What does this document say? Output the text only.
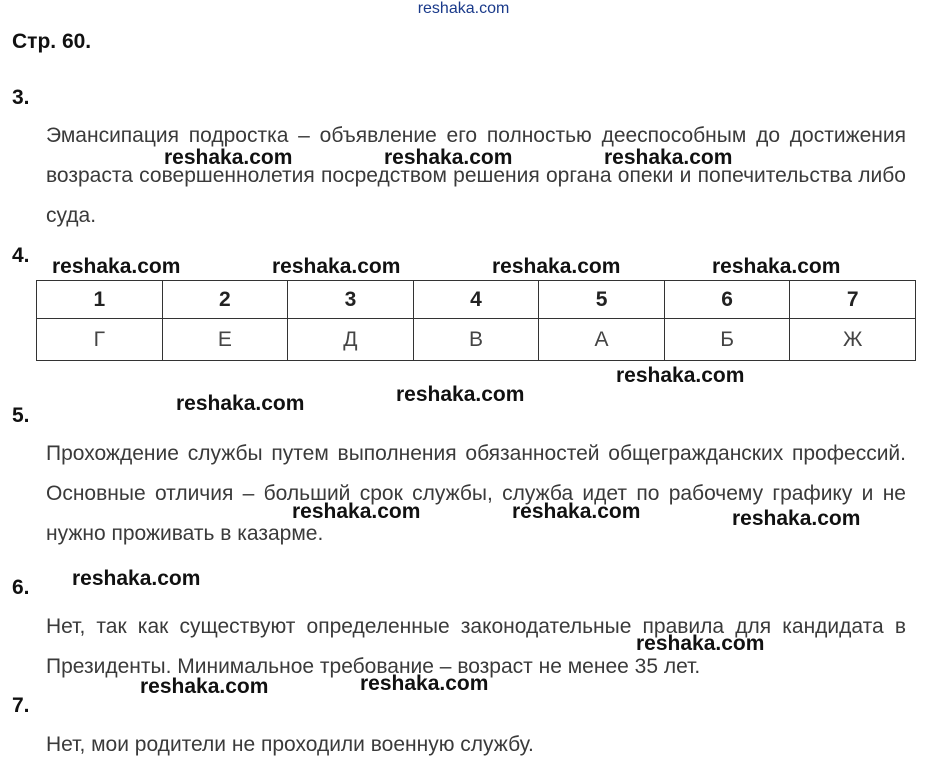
reshaka.com
Стр. 60.
3.
Эмансипация подростка – объявление его полностью дееспособным до достижения возраста совершеннолетия посредством решения органа опеки и попечительства либо суда.
4.
1	2	3	4	5	6	7
Г	Е	Д	В	А	Б	Ж
5.
Прохождение службы путем выполнения обязанностей общегражданских профессий. Основные отличия – больший срок службы, служба идет по рабочему графику и не нужно проживать в казарме.
6.
Нет, так как существуют определенные законодательные правила для кандидата в Президенты. Минимальное требование – возраст не менее 35 лет.
7.
Нет, мои родители не проходили военную службу.
reshaka.com	reshaka.com	reshaka.com
reshaka.com	reshaka.com	reshaka.com	reshaka.com
reshaka.com
reshaka.com
reshaka.com
reshaka.com	reshaka.com	reshaka.com
reshaka.com
reshaka.com
reshaka.com	reshaka.com
